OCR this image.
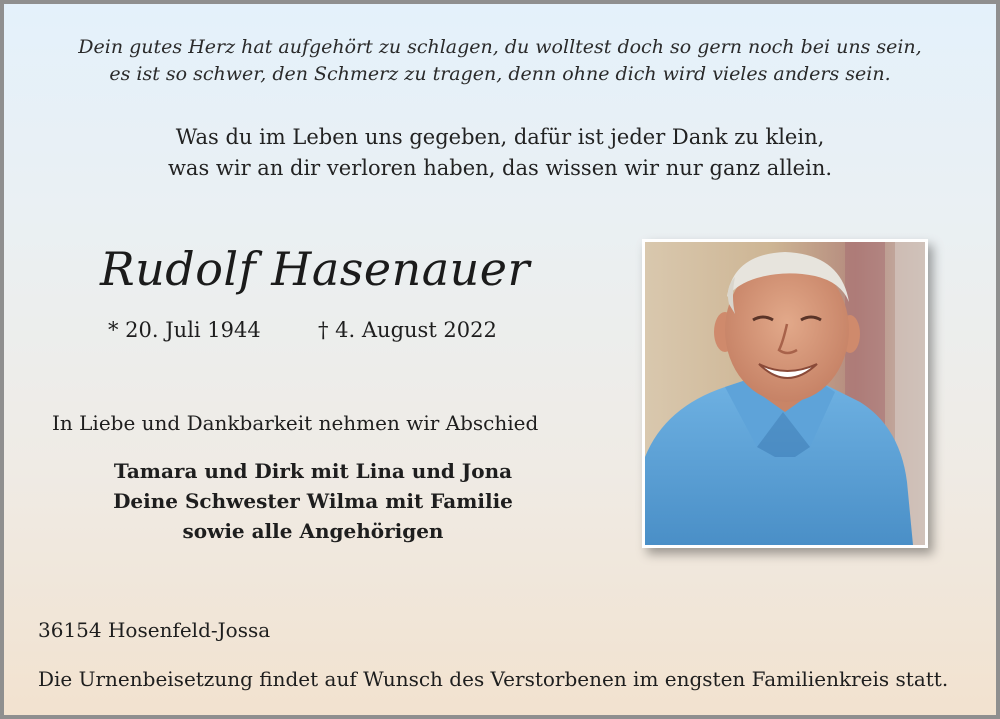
Dein gutes Herz hat aufgehört zu schlagen, du wolltest doch so gern noch bei uns sein,
es ist so schwer, den Schmerz zu tragen, denn ohne dich wird vieles anders sein.
Was du im Leben uns gegeben, dafür ist jeder Dank zu klein,
was wir an dir verloren haben, das wissen wir nur ganz allein.
Rudolf Hasenauer
* 20. Juli 1944	† 4. August 2022
In Liebe und Dankbarkeit nehmen wir Abschied
Tamara und Dirk mit Lina und Jona
Deine Schwester Wilma mit Familie
sowie alle Angehörigen
36154 Hosenfeld-Jossa
Die Urnenbeisetzung findet auf Wunsch des Verstorbenen im engsten Familienkreis statt.
